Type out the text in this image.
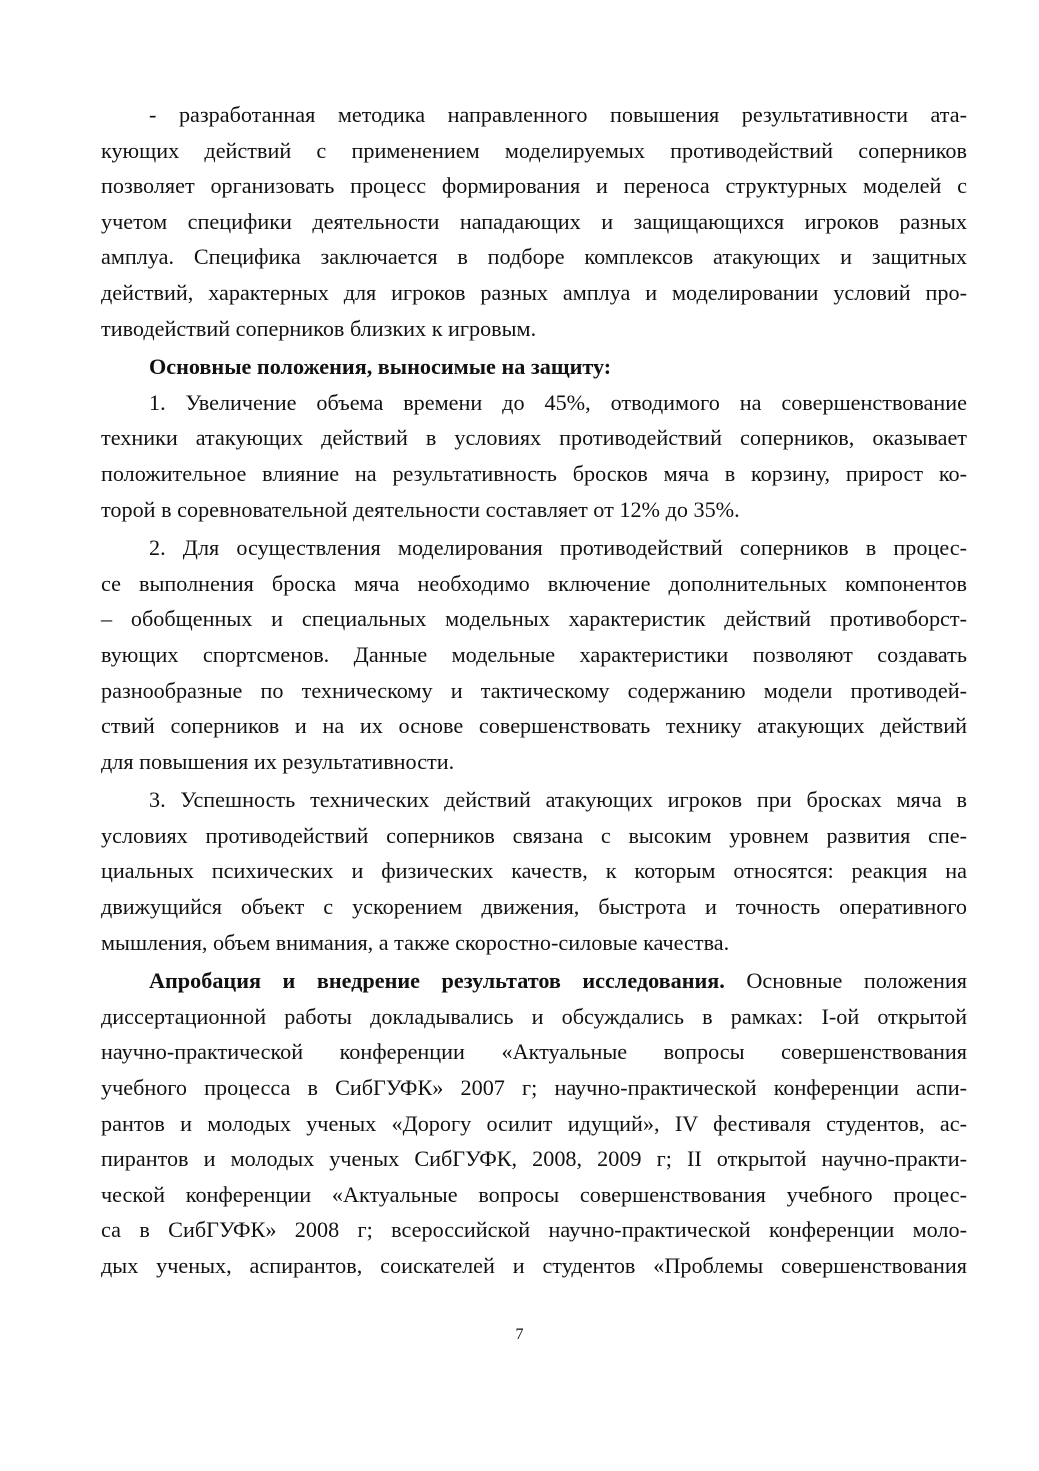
- разработанная методика направленного повышения результативности ата-
кующих действий с применением моделируемых противодействий соперников
позволяет организовать процесс формирования и переноса структурных моделей с
учетом специфики деятельности нападающих и защищающихся игроков разных
амплуа. Специфика заключается в подборе комплексов атакующих и защитных
действий, характерных для игроков разных амплуа и моделировании условий про-
тиводействий соперников близких к игровым.
Основные положения, выносимые на защиту:
1. Увеличение объема времени до 45%, отводимого на совершенствование
техники атакующих действий в условиях противодействий соперников, оказывает
положительное влияние на результативность бросков мяча в корзину, прирост ко-
торой в соревновательной деятельности составляет от 12% до 35%.
2. Для осуществления моделирования противодействий соперников в процес-
се выполнения броска мяча необходимо включение дополнительных компонентов
– обобщенных и специальных модельных характеристик действий противоборст-
вующих спортсменов. Данные модельные характеристики позволяют создавать
разнообразные по техническому и тактическому содержанию модели противодей-
ствий соперников и на их основе совершенствовать технику атакующих действий
для повышения их результативности.
3. Успешность технических действий атакующих игроков при бросках мяча в
условиях противодействий соперников связана с высоким уровнем развития спе-
циальных психических и физических качеств, к которым относятся: реакция на
движущийся объект с ускорением движения, быстрота и точность оперативного
мышления, объем внимания, а также скоростно-силовые качества.
Апробация и внедрение результатов исследования. Основные положения
диссертационной работы докладывались и обсуждались в рамках: I-ой открытой
научно-практической конференции «Актуальные вопросы совершенствования
учебного процесса в СибГУФК» 2007 г; научно-практической конференции аспи-
рантов и молодых ученых «Дорогу осилит идущий», IV фестиваля студентов, ас-
пирантов и молодых ученых СибГУФК, 2008, 2009 г; II открытой научно-практи-
ческой конференции «Актуальные вопросы совершенствования учебного процес-
са в СибГУФК» 2008 г; всероссийской научно-практической конференции моло-
дых ученых, аспирантов, соискателей и студентов «Проблемы совершенствования
7
